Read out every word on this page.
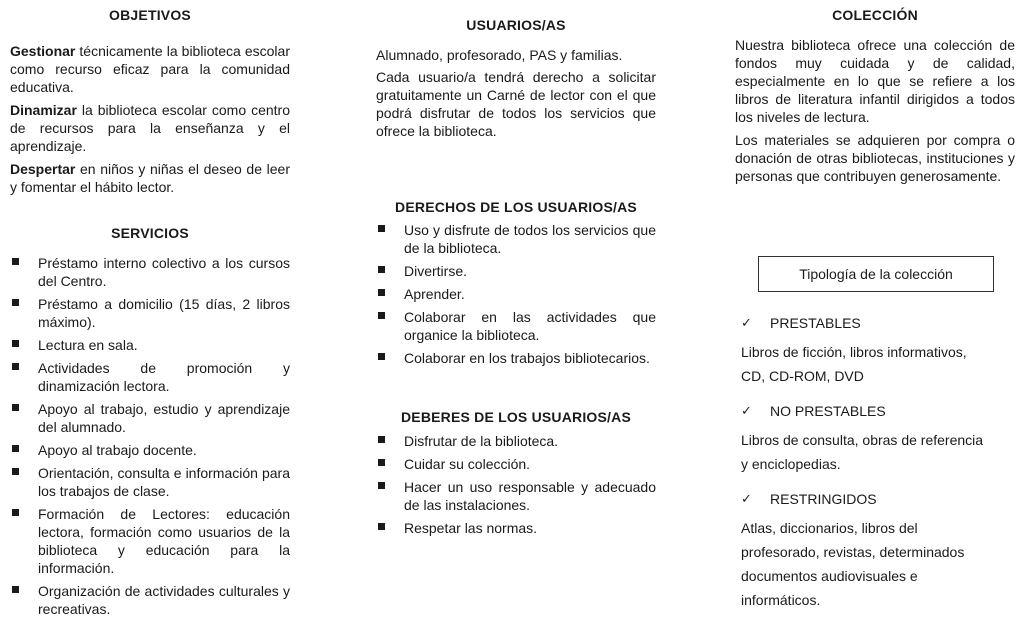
OBJETIVOS

Gestionar técnicamente la biblioteca escolar como recurso eficaz para la comunidad educativa.

Dinamizar la biblioteca escolar como centro de recursos para la enseñanza y el aprendizaje.

Despertar en niños y niñas el deseo de leer y fomentar el hábito lector.

SERVICIOS
Préstamo interno colectivo a los cursos del Centro.
Préstamo a domicilio (15 días, 2 libros máximo).
Lectura en sala.
Actividades de promoción y dinamización lectora.
Apoyo al trabajo, estudio y aprendizaje del alumnado.
Apoyo al trabajo docente.
Orientación, consulta e información para los trabajos de clase.
Formación de Lectores: educación lectora, formación como usuarios de la biblioteca y educación para la información.
Organización de actividades culturales y recreativas.
USUARIOS/AS

Alumnado, profesorado, PAS y familias.

Cada usuario/a tendrá derecho a solicitar gratuitamente un Carné de lector con el que podrá disfrutar de todos los servicios que ofrece la biblioteca.

DERECHOS DE LOS USUARIOS/AS
Uso y disfrute de todos los servicios que de la biblioteca.
Divertirse.
Aprender.
Colaborar en las actividades que organice la biblioteca.
Colaborar en los trabajos bibliotecarios.
DEBERES DE LOS USUARIOS/AS
Disfrutar de la biblioteca.
Cuidar su colección.
Hacer un uso responsable y adecuado de las instalaciones.
Respetar las normas.
COLECCIÓN

Nuestra biblioteca ofrece una colección de fondos muy cuidada y de calidad, especialmente en lo que se refiere a los libros de literatura infantil dirigidos a todos los niveles de lectura.

Los materiales se adquieren por compra o donación de otras bibliotecas, instituciones y personas que contribuyen generosamente.

Tipología de la colección
✓ PRESTABLES
Libros de ficción, libros informativos,
CD, CD-ROM, DVD
✓ NO PRESTABLES
Libros de consulta, obras de referencia
y enciclopedias.
✓ RESTRINGIDOS
Atlas, diccionarios, libros del
profesorado, revistas, determinados
documentos audiovisuales e
informáticos.
